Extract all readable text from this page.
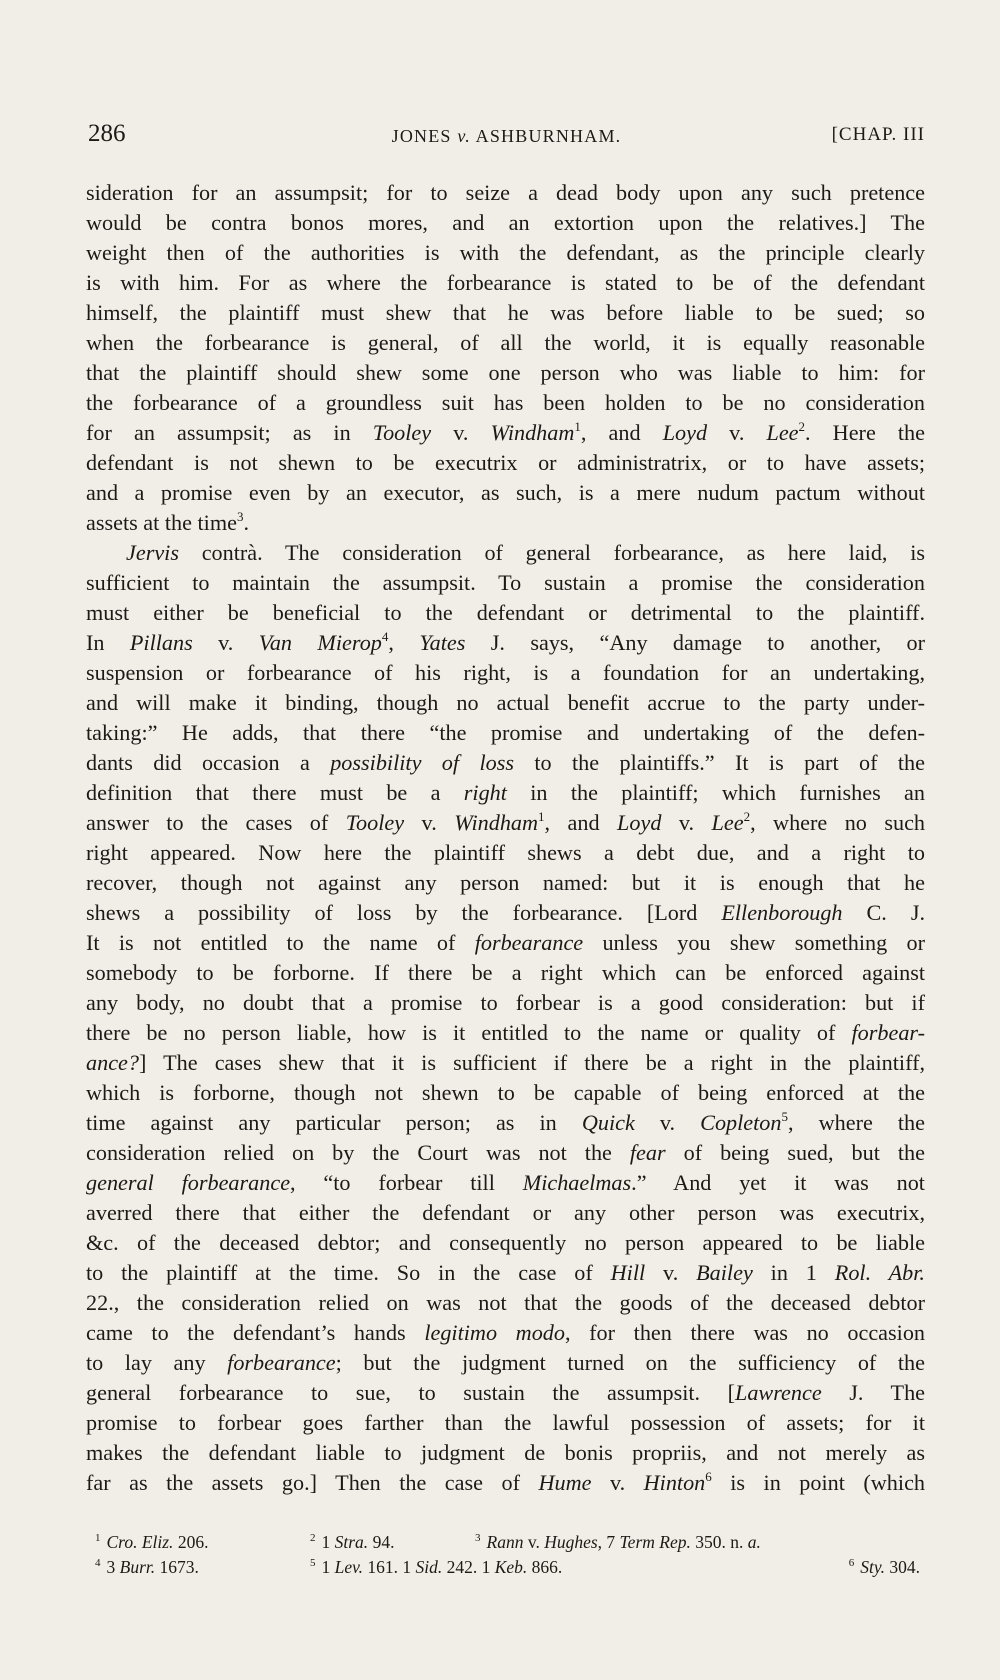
286	JONES v. ASHBURNHAM.	[CHAP. III
sideration for an assumpsit; for to seize a dead body upon any such pretence
would be contra bonos mores, and an extortion upon the relatives.] The
weight then of the authorities is with the defendant, as the principle clearly
is with him. For as where the forbearance is stated to be of the defendant
himself, the plaintiff must shew that he was before liable to be sued; so
when the forbearance is general, of all the world, it is equally reasonable
that the plaintiff should shew some one person who was liable to him: for
the forbearance of a groundless suit has been holden to be no consideration
for an assumpsit; as in Tooley v. Windham$^1$, and Loyd v. Lee$^2$. Here the
defendant is not shewn to be executrix or administratrix, or to have assets;
and a promise even by an executor, as such, is a mere nudum pactum without
assets at the time$^3$.
Jervis contrà. The consideration of general forbearance, as here laid, is
sufficient to maintain the assumpsit. To sustain a promise the consideration
must either be beneficial to the defendant or detrimental to the plaintiff.
In Pillans v. Van Mierop$^4$, Yates J. says, “Any damage to another, or
suspension or forbearance of his right, is a foundation for an undertaking,
and will make it binding, though no actual benefit accrue to the party under-
taking:” He adds, that there “the promise and undertaking of the defen-
dants did occasion a possibility of loss to the plaintiffs.” It is part of the
definition that there must be a right in the plaintiff; which furnishes an
answer to the cases of Tooley v. Windham$^1$, and Loyd v. Lee$^2$, where no such
right appeared. Now here the plaintiff shews a debt due, and a right to
recover, though not against any person named: but it is enough that he
shews a possibility of loss by the forbearance. [Lord Ellenborough C. J.
It is not entitled to the name of forbearance unless you shew something or
somebody to be forborne. If there be a right which can be enforced against
any body, no doubt that a promise to forbear is a good consideration: but if
there be no person liable, how is it entitled to the name or quality of forbear-
ance?] The cases shew that it is sufficient if there be a right in the plaintiff,
which is forborne, though not shewn to be capable of being enforced at the
time against any particular person; as in Quick v. Copleton$^5$, where the
consideration relied on by the Court was not the fear of being sued, but the
general forbearance, “to forbear till Michaelmas.” And yet it was not
averred there that either the defendant or any other person was executrix,
&c. of the deceased debtor; and consequently no person appeared to be liable
to the plaintiff at the time. So in the case of Hill v. Bailey in 1 Rol. Abr.
22., the consideration relied on was not that the goods of the deceased debtor
came to the defendant’s hands legitimo modo, for then there was no occasion
to lay any forbearance; but the judgment turned on the sufficiency of the
general forbearance to sue, to sustain the assumpsit. [Lawrence J. The
promise to forbear goes farther than the lawful possession of assets; for it
makes the defendant liable to judgment de bonis propriis, and not merely as
far as the assets go.] Then the case of Hume v. Hinton$^6$ is in point (which
$^1$ Cro. Eliz. 206.	$^2$ 1 Stra. 94.	$^3$ Rann v. Hughes, 7 Term Rep. 350. n. a.
$^4$ 3 Burr. 1673.	$^5$ 1 Lev. 161. 1 Sid. 242. 1 Keb. 866.	$^6$ Sty. 304.
